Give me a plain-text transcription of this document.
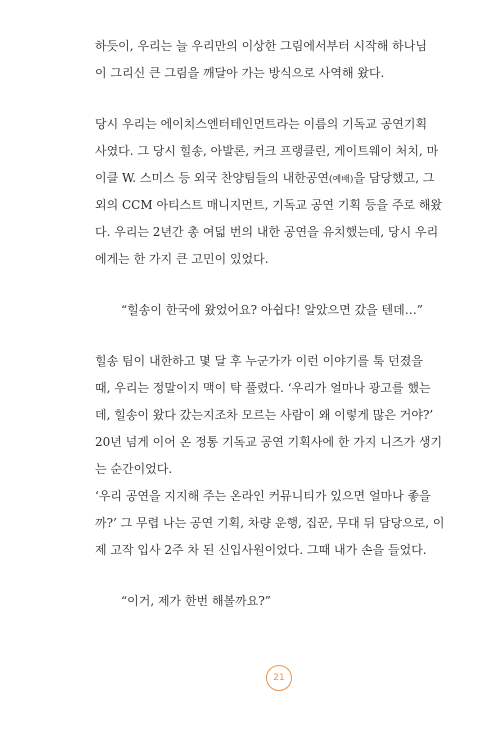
하듯이, 우리는 늘 우리만의 이상한 그림에서부터 시작해 하나님
이 그리신 큰 그림을 깨달아 가는 방식으로 사역해 왔다.

당시 우리는 에이치스엔터테인먼트라는 이름의 기독교 공연기획
사였다. 그 당시 힐송, 아발론, 커크 프랭클린, 게이트웨이 처치, 마
이클 W. 스미스 등 외국 찬양팀들의 내한공연(예배)을 담당했고, 그
외의 CCM 아티스트 매니지먼트, 기독교 공연 기획 등을 주로 해왔
다. 우리는 2년간 총 여덟 번의 내한 공연을 유치했는데, 당시 우리
에게는 한 가지 큰 고민이 있었다.

“힐송이 한국에 왔었어요? 아쉽다! 알았으면 갔을 텐데…”

힐송 팀이 내한하고 몇 달 후 누군가가 이런 이야기를 툭 던졌을
때, 우리는 정말이지 맥이 탁 풀렸다. ‘우리가 얼마나 광고를 했는
데, 힐송이 왔다 갔는지조차 모르는 사람이 왜 이렇게 많은 거야?’
20년 넘게 이어 온 정통 기독교 공연 기획사에 한 가지 니즈가 생기
는 순간이었다.
‘우리 공연을 지지해 주는 온라인 커뮤니티가 있으면 얼마나 좋을
까?’ 그 무렵 나는 공연 기획, 차량 운행, 집꾼, 무대 뒤 담당으로, 이
제 고작 입사 2주 차 된 신입사원이었다. 그때 내가 손을 들었다.

“이거, 제가 한번 해볼까요?”

21
